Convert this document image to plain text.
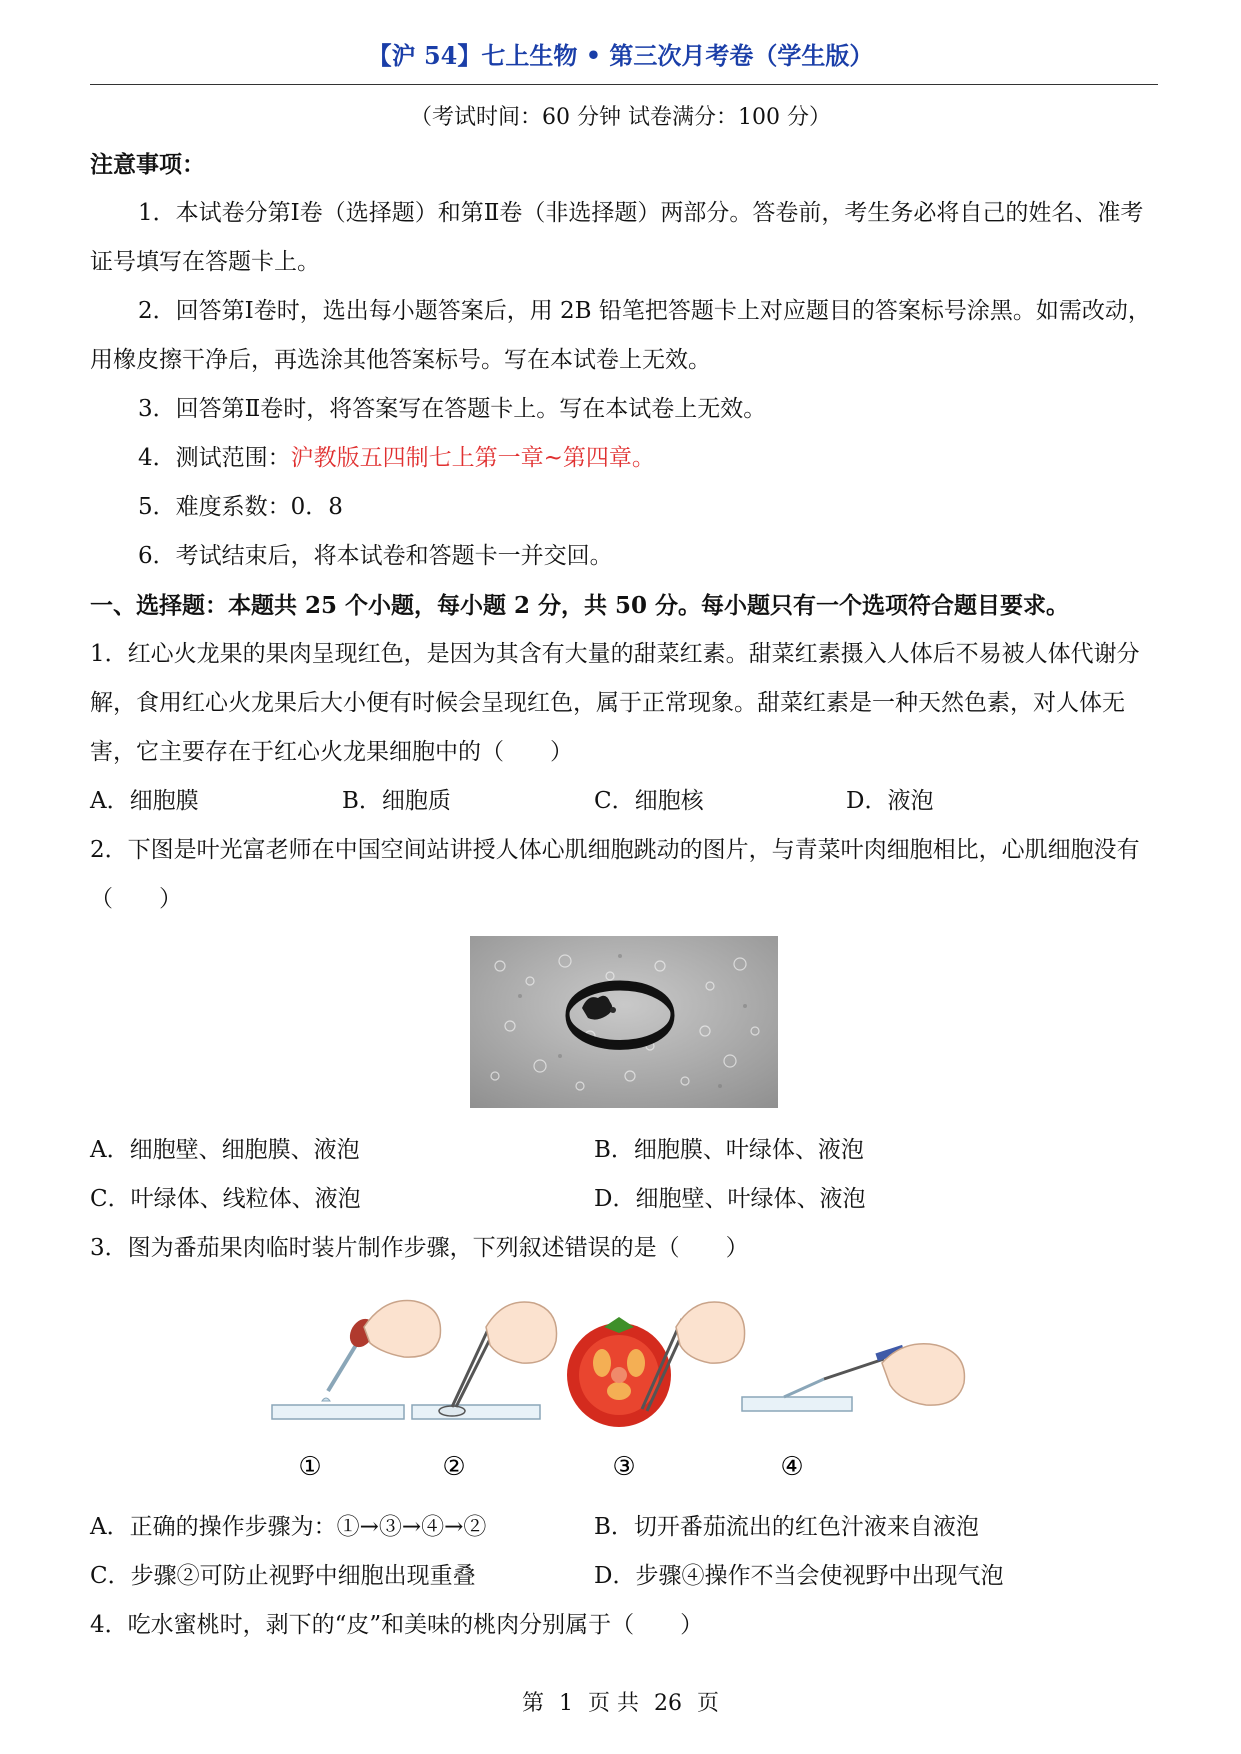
【沪 54】七上生物 • 第三次月考卷（学生版）
（考试时间：60 分钟 试卷满分：100 分）

注意事项：

1．本试卷分第Ⅰ卷（选择题）和第Ⅱ卷（非选择题）两部分。答卷前，考生务必将自己的姓名、准考证号填写在答题卡上。

2．回答第Ⅰ卷时，选出每小题答案后，用 2B 铅笔把答题卡上对应题目的答案标号涂黑。如需改动，用橡皮擦干净后，再选涂其他答案标号。写在本试卷上无效。

3．回答第Ⅱ卷时，将答案写在答题卡上。写在本试卷上无效。

4．测试范围：沪教版五四制七上第一章~第四章。

5．难度系数：0．8

6．考试结束后，将本试卷和答题卡一并交回。

一、选择题：本题共 25 个小题，每小题 2 分，共 50 分。每小题只有一个选项符合题目要求。

1．红心火龙果的果肉呈现红色，是因为其含有大量的甜菜红素。甜菜红素摄入人体后不易被人体代谢分解，食用红心火龙果后大小便有时候会呈现红色，属于正常现象。甜菜红素是一种天然色素，对人体无害，它主要存在于红心火龙果细胞中的（　　）

A．细胞膜	B．细胞质	C．细胞核	D．液泡

2．下图是叶光富老师在中国空间站讲授人体心肌细胞跳动的图片，与青菜叶肉细胞相比，心肌细胞没有（　　）

A．细胞壁、细胞膜、液泡	B．细胞膜、叶绿体、液泡
C．叶绿体、线粒体、液泡	D．细胞壁、叶绿体、液泡

3．图为番茄果肉临时装片制作步骤，下列叙述错误的是（　　）

①	②	③	④
A．正确的操作步骤为：①→③→④→②	B．切开番茄流出的红色汁液来自液泡
C．步骤②可防止视野中细胞出现重叠	D．步骤④操作不当会使视野中出现气泡

4．吃水蜜桃时，剥下的“皮”和美味的桃肉分别属于（　　）

第 1 页 共 26 页
